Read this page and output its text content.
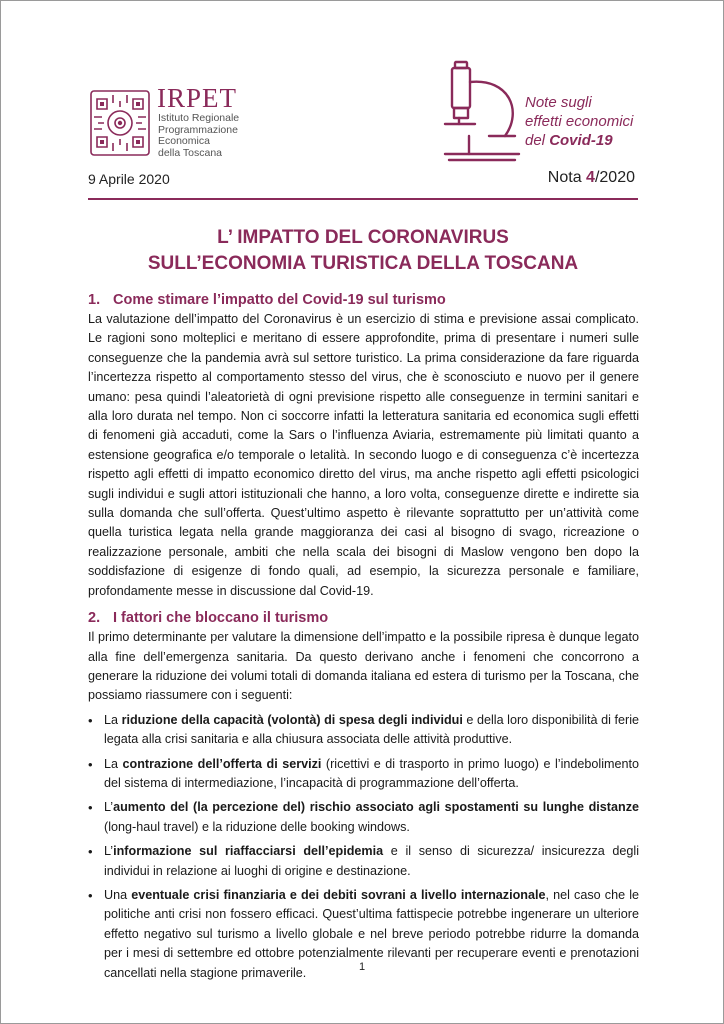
IRPET
Istituto Regionale
Programmazione
Economica
della Toscana
Note sugli
effetti economici
del Covid-19
9 Aprile 2020	Nota 4/2020
L’ IMPATTO DEL CORONAVIRUS
SULL’ECONOMIA TURISTICA DELLA TOSCANA
1. Come stimare l’impatto del Covid-19 sul turismo

La valutazione dell’impatto del Coronavirus è un esercizio di stima e previsione assai complicato. Le ragioni sono molteplici e meritano di essere approfondite, prima di presentare i numeri sulle conseguenze che la pandemia avrà sul settore turistico. La prima considerazione da fare riguarda l’incertezza rispetto al comportamento stesso del virus, che è sconosciuto e nuovo per il genere umano: pesa quindi l’aleatorietà di ogni previsione rispetto alle conseguenze in termini sanitari e alla loro durata nel tempo. Non ci soccorre infatti la letteratura sanitaria ed economica sugli effetti di fenomeni già accaduti, come la Sars o l’influenza Aviaria, estremamente più limitati quanto a estensione geografica e/o temporale o letalità. In secondo luogo e di conseguenza c’è incertezza rispetto agli effetti di impatto economico diretto del virus, ma anche rispetto agli effetti psicologici sugli individui e sugli attori istituzionali che hanno, a loro volta, conseguenze dirette e indirette sia sulla domanda che sull’offerta. Quest’ultimo aspetto è rilevante soprattutto per un’attività come quella turistica legata nella grande maggioranza dei casi al bisogno di svago, ricreazione o realizzazione personale, ambiti che nella scala dei bisogni di Maslow vengono ben dopo la soddisfazione di esigenze di fondo quali, ad esempio, la sicurezza personale e familiare, profondamente messe in discussione dal Covid-19.

2. I fattori che bloccano il turismo

Il primo determinante per valutare la dimensione dell’impatto e la possibile ripresa è dunque legato alla fine dell’emergenza sanitaria. Da questo derivano anche i fenomeni che concorrono a generare la riduzione dei volumi totali di domanda italiana ed estera di turismo per la Toscana, che possiamo riassumere con i seguenti:

• La riduzione della capacità (volontà) di spesa degli individui e della loro disponibilità di ferie legata alla crisi sanitaria e alla chiusura associata delle attività produttive.
• La contrazione dell’offerta di servizi (ricettivi e di trasporto in primo luogo) e l’indebolimento del sistema di intermediazione, l’incapacità di programmazione dell’offerta.
• L’aumento del (la percezione del) rischio associato agli spostamenti su lunghe distanze (long-haul travel) e la riduzione delle booking windows.
• L’informazione sul riaffacciarsi dell’epidemia e il senso di sicurezza/ insicurezza degli individui in relazione ai luoghi di origine e destinazione.
• Una eventuale crisi finanziaria e dei debiti sovrani a livello internazionale, nel caso che le politiche anti crisi non fossero efficaci. Quest’ultima fattispecie potrebbe ingenerare un ulteriore effetto negativo sul turismo a livello globale e nel breve periodo potrebbe ridurre la domanda per i mesi di settembre ed ottobre potenzialmente rilevanti per recuperare eventi e prenotazioni cancellati nella stagione primaverile.	1
